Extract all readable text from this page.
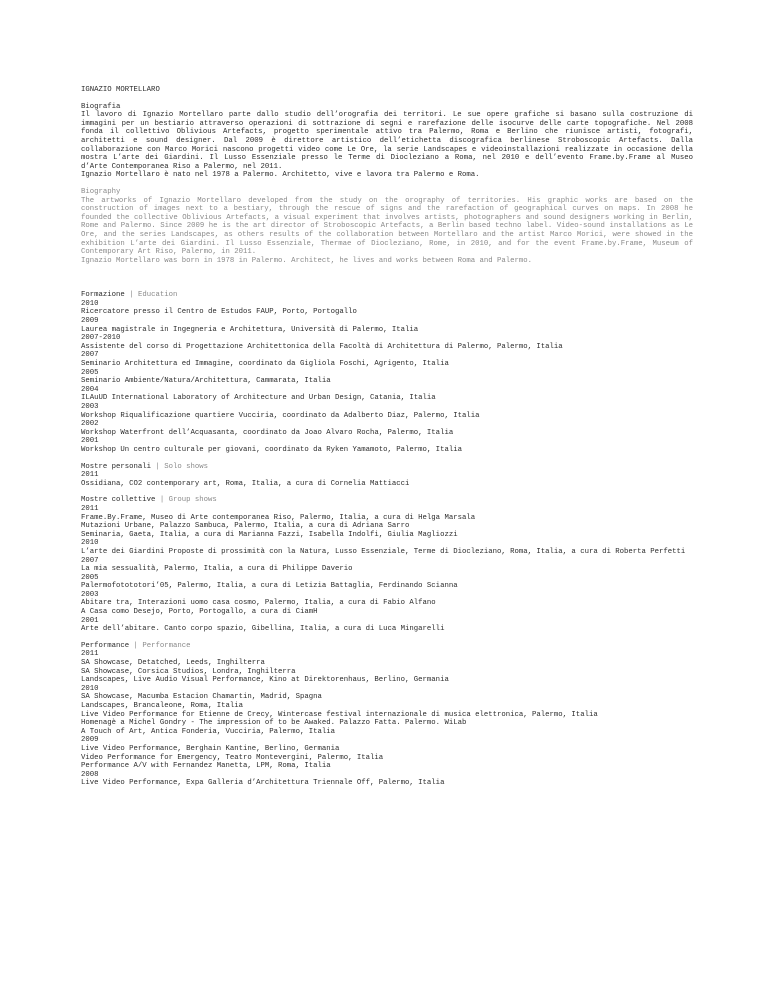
IGNAZIO MORTELLARO
Biografia
Il lavoro di Ignazio Mortellaro parte dallo studio dell’orografia dei territori. Le sue opere grafiche si basano sulla costruzione di immagini per un bestiario attraverso operazioni di sottrazione di segni e rarefazione delle isocurve delle carte topografiche. Nel 2008 fonda il collettivo Oblivious Artefacts, progetto sperimentale attivo tra Palermo, Roma e Berlino che riunisce artisti, fotografi, architetti e sound designer. Dal 2009 è direttore artistico dell’etichetta discografica berlinese Stroboscopic Artefacts. Dalla collaborazione con Marco Morici nascono progetti video come Le Ore, la serie Landscapes e videoinstallazioni realizzate in occasione della mostra L’arte dei Giardini. Il Lusso Essenziale presso le Terme di Diocleziano a Roma, nel 2010 e dell’evento Frame.by.Frame al Museo d’Arte Contemporanea Riso a Palermo, nel 2011.
Ignazio Mortellaro è nato nel 1978 a Palermo. Architetto, vive e lavora tra Palermo e Roma.
Biography
The artworks of Ignazio Mortellaro developed from the study on the orography of territories. His graphic works are based on the construction of images next to a bestiary, through the rescue of signs and the rarefaction of geographical curves on maps. In 2008 he founded the collective Oblivious Artefacts, a visual experiment that involves artists, photographers and sound designers working in Berlin, Rome and Palermo. Since 2009 he is the art director of Stroboscopic Artefacts, a Berlin based techno label. Video-sound installations as Le Ore, and the series Landscapes, as others results of the collaboration between Mortellaro and the artist Marco Morici, were showed in the exhibition L’arte dei Giardini. Il Lusso Essenziale, Thermae of Diocleziano, Rome, in 2010, and for the event Frame.by.Frame, Museum of Contemporary Art Riso, Palermo, in 2011.
Ignazio Mortellaro was born in 1978 in Palermo. Architect, he lives and works between Roma and Palermo.
Formazione | Education
2010
Ricercatore presso il Centro de Estudos FAUP, Porto, Portogallo
2009
Laurea magistrale in Ingegneria e Architettura, Università di Palermo, Italia
2007-2010
Assistente del corso di Progettazione Architettonica della Facoltà di Architettura di Palermo, Palermo, Italia
2007
Seminario Architettura ed Immagine, coordinato da Gigliola Foschi, Agrigento, Italia
2005
Seminario Ambiente/Natura/Architettura, Cammarata, Italia
2004
ILAuUD International Laboratory of Architecture and Urban Design, Catania, Italia
2003
Workshop Riqualificazione quartiere Vucciria, coordinato da Adalberto Diaz, Palermo, Italia
2002
Workshop Waterfront dell’Acquasanta, coordinato da Joao Alvaro Rocha, Palermo, Italia
2001
Workshop Un centro culturale per giovani, coordinato da Ryken Yamamoto, Palermo, Italia
Mostre personali | Solo shows
2011
Ossidiana, CO2 contemporary art, Roma, Italia, a cura di Cornelia Mattiacci
Mostre collettive | Group shows
2011
Frame.By.Frame, Museo di Arte contemporanea Riso, Palermo, Italia, a cura di Helga Marsala
Mutazioni Urbane, Palazzo Sambuca, Palermo, Italia, a cura di Adriana Sarro
Seminaria, Gaeta, Italia, a cura di Marianna Fazzi, Isabella Indolfi, Giulia Magliozzi
2010
L’arte dei Giardini Proposte di prossimità con la Natura, Lusso Essenziale, Terme di Diocleziano, Roma, Italia, a cura di Roberta Perfetti
2007
La mia sessualità, Palermo, Italia, a cura di Philippe Daverio
2005
Palermofotototori’05, Palermo, Italia, a cura di Letizia Battaglia, Ferdinando Scianna
2003
Abitare tra, Interazioni uomo casa cosmo, Palermo, Italia, a cura di Fabio Alfano
A Casa como Desejo, Porto, Portogallo, a cura di CiamH
2001
Arte dell’abitare. Canto corpo spazio, Gibellina, Italia, a cura di Luca Mingarelli
Performance | Performance
2011
SA Showcase, Detatched, Leeds, Inghilterra
SA Showcase, Corsica Studios, Londra, Inghilterra
Landscapes, Live Audio Visual Performance, Kino at Direktorenhaus, Berlino, Germania
2010
SA Showcase, Macumba Estacion Chamartin, Madrid, Spagna
Landscapes, Brancaleone, Roma, Italia
Live Video Performance for Etienne de Crecy, Wintercase festival internazionale di musica elettronica, Palermo, Italia
Homenagè a Michel Gondry - The impression of to be Awaked. Palazzo Fatta. Palermo. WiLab
A Touch of Art, Antica Fonderia, Vucciria, Palermo, Italia
2009
Live Video Performance, Berghain Kantine, Berlino, Germania
Video Performance for Emergency, Teatro Montevergini, Palermo, Italia
Performance A/V with Fernandez Manetta, LPM, Roma, Italia
2008
Live Video Performance, Expa Galleria d’Architettura Triennale Off, Palermo, Italia
